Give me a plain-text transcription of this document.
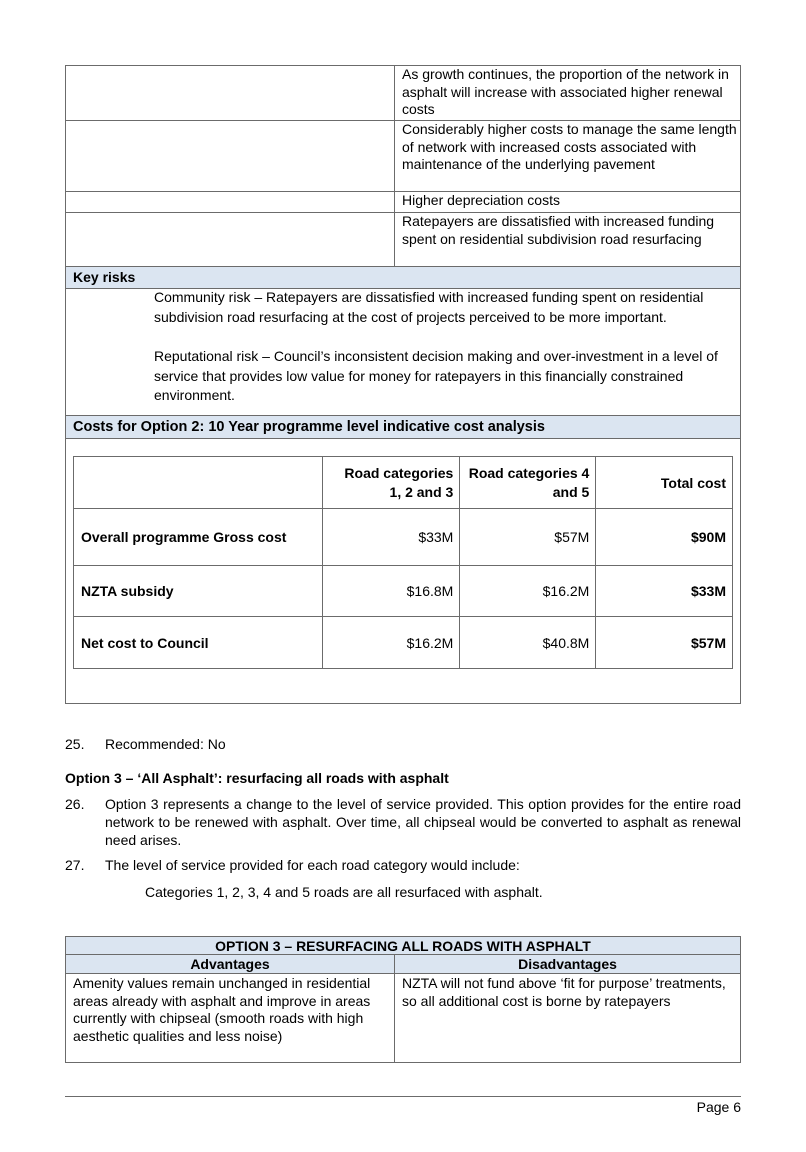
As growth continues, the proportion of the network in asphalt will increase with associated higher renewal costs
Considerably higher costs to manage the same length of network with increased costs associated with maintenance of the underlying pavement
Higher depreciation costs
Ratepayers are dissatisfied with increased funding spent on residential subdivision road resurfacing
Key risks
Community risk – Ratepayers are dissatisfied with increased funding spent on residential subdivision road resurfacing at the cost of projects perceived to be more important.
Reputational risk – Council’s inconsistent decision making and over-investment in a level of service that provides low value for money for ratepayers in this financially constrained environment.
Costs for Option 2: 10 Year programme level indicative cost analysis
	Road categories 1, 2 and 3	Road categories 4 and 5	Total cost
Overall programme Gross cost	$33M	$57M	$90M
NZTA subsidy	$16.8M	$16.2M	$33M
Net cost to Council	$16.2M	$40.8M	$57M
25. Recommended: No
Option 3 – ‘All Asphalt’: resurfacing all roads with asphalt
26. Option 3 represents a change to the level of service provided. This option provides for the entire road network to be renewed with asphalt. Over time, all chipseal would be converted to asphalt as renewal need arises.
27. The level of service provided for each road category would include:
Categories 1, 2, 3, 4 and 5 roads are all resurfaced with asphalt.
OPTION 3 – RESURFACING ALL ROADS WITH ASPHALT
Advantages	Disadvantages
Amenity values remain unchanged in residential areas already with asphalt and improve in areas currently with chipseal (smooth roads with high aesthetic qualities and less noise)
NZTA will not fund above ‘fit for purpose’ treatments, so all additional cost is borne by ratepayers
Page 6
